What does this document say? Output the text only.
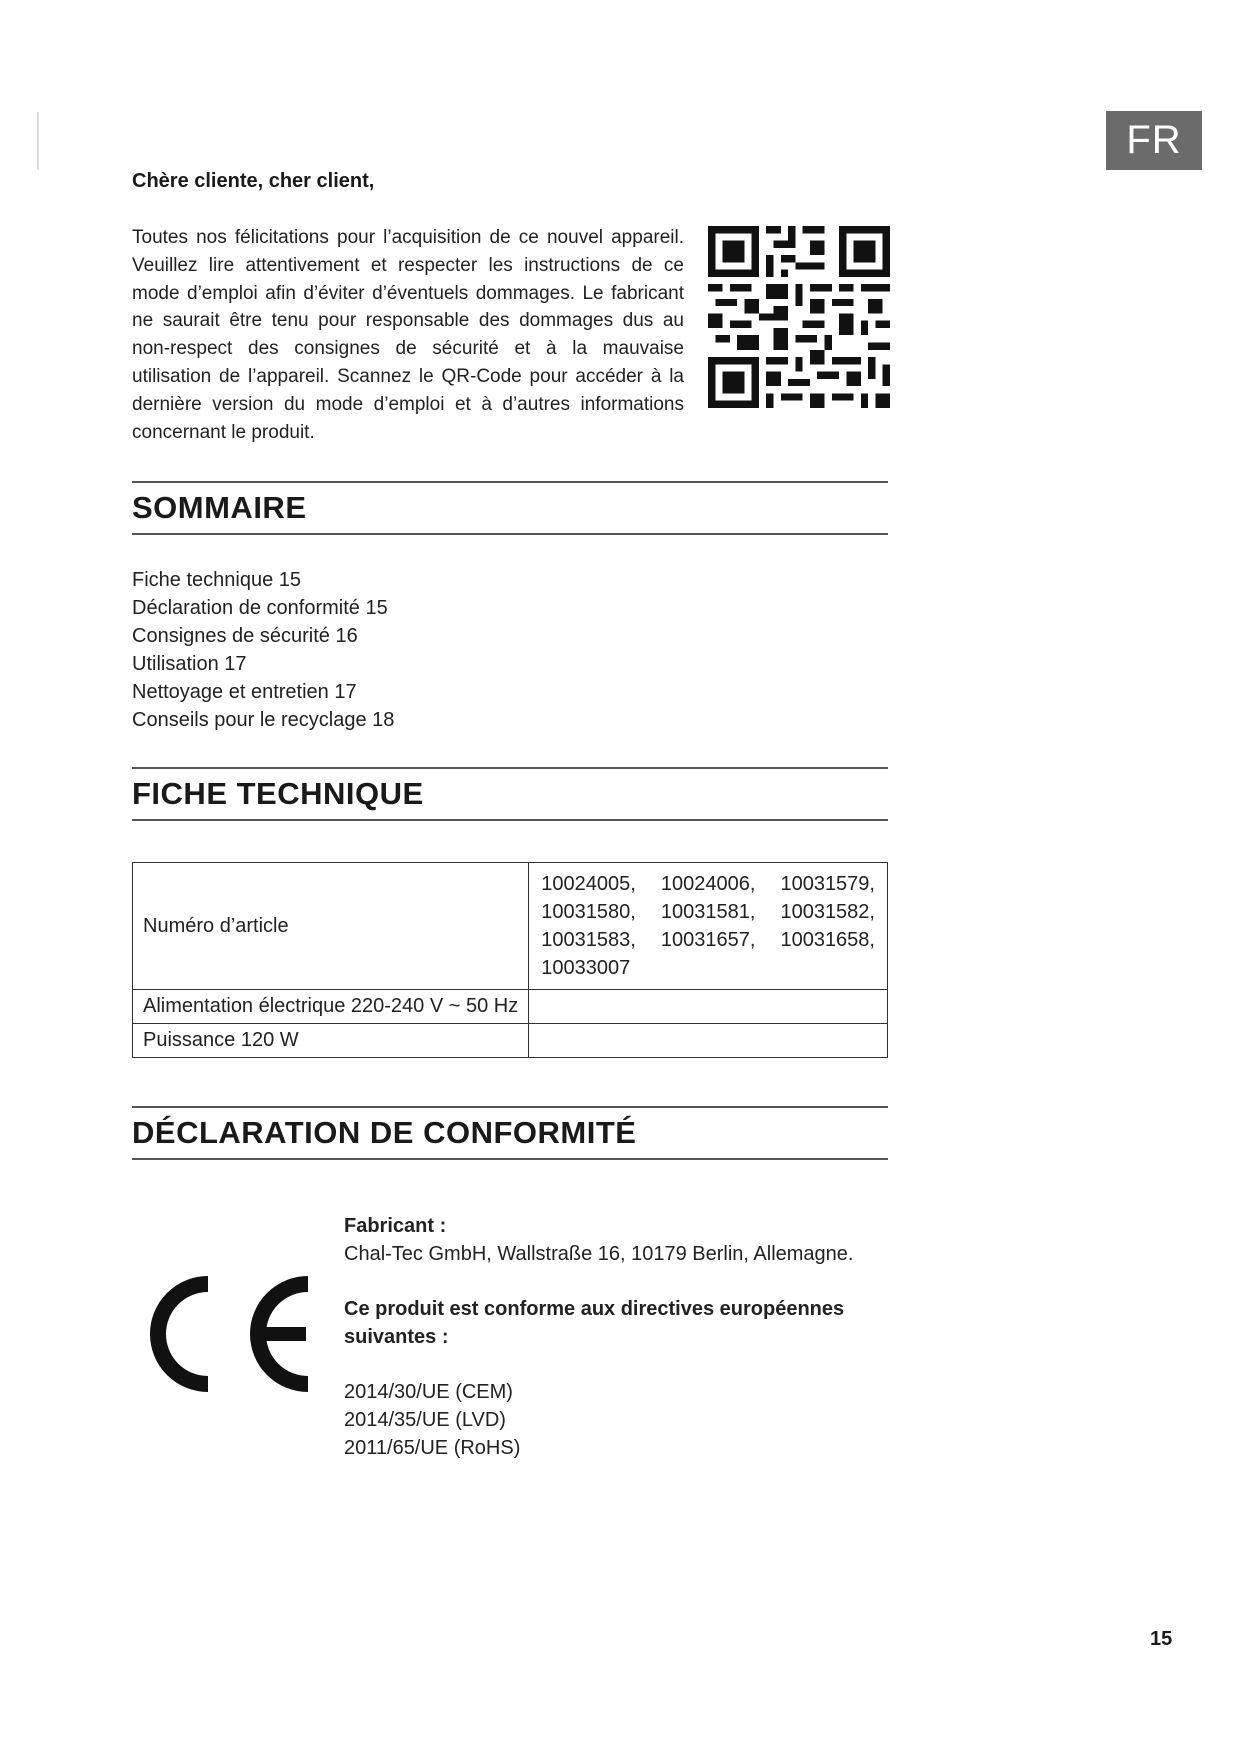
FR

Chère cliente, cher client,

Toutes nos félicitations pour l’acquisition de ce nouvel appareil. Veuillez lire attentivement et respecter les instructions de ce mode d’emploi afin d’éviter d’éventuels dommages. Le fabricant ne saurait être tenu pour responsable des dommages dus au non-respect des consignes de sécurité et à la mauvaise utilisation de l’appareil. Scannez le QR-Code pour accéder à la dernière version du mode d’emploi et à d’autres informations concernant le produit.

SOMMAIRE
Fiche technique 15
Déclaration de conformité 15
Consignes de sécurité 16
Utilisation 17
Nettoyage et entretien 17
Conseils pour le recyclage 18
FICHE TECHNIQUE
Numéro d’article	10024005, 10024006, 10031579, 10031580, 10031581, 10031582, 10031583, 10031657, 10031658, 10033007
Alimentation électrique 220-240 V ~ 50 Hz	
Puissance 120 W	
DÉCLARATION DE CONFORMITÉ

Fabricant :

Chal-Tec GmbH, Wallstraße 16, 10179 Berlin, Allemagne.

Ce produit est conforme aux directives européennes suivantes :

2014/30/UE (CEM)

2014/35/UE (LVD)

2011/65/UE (RoHS)

15
